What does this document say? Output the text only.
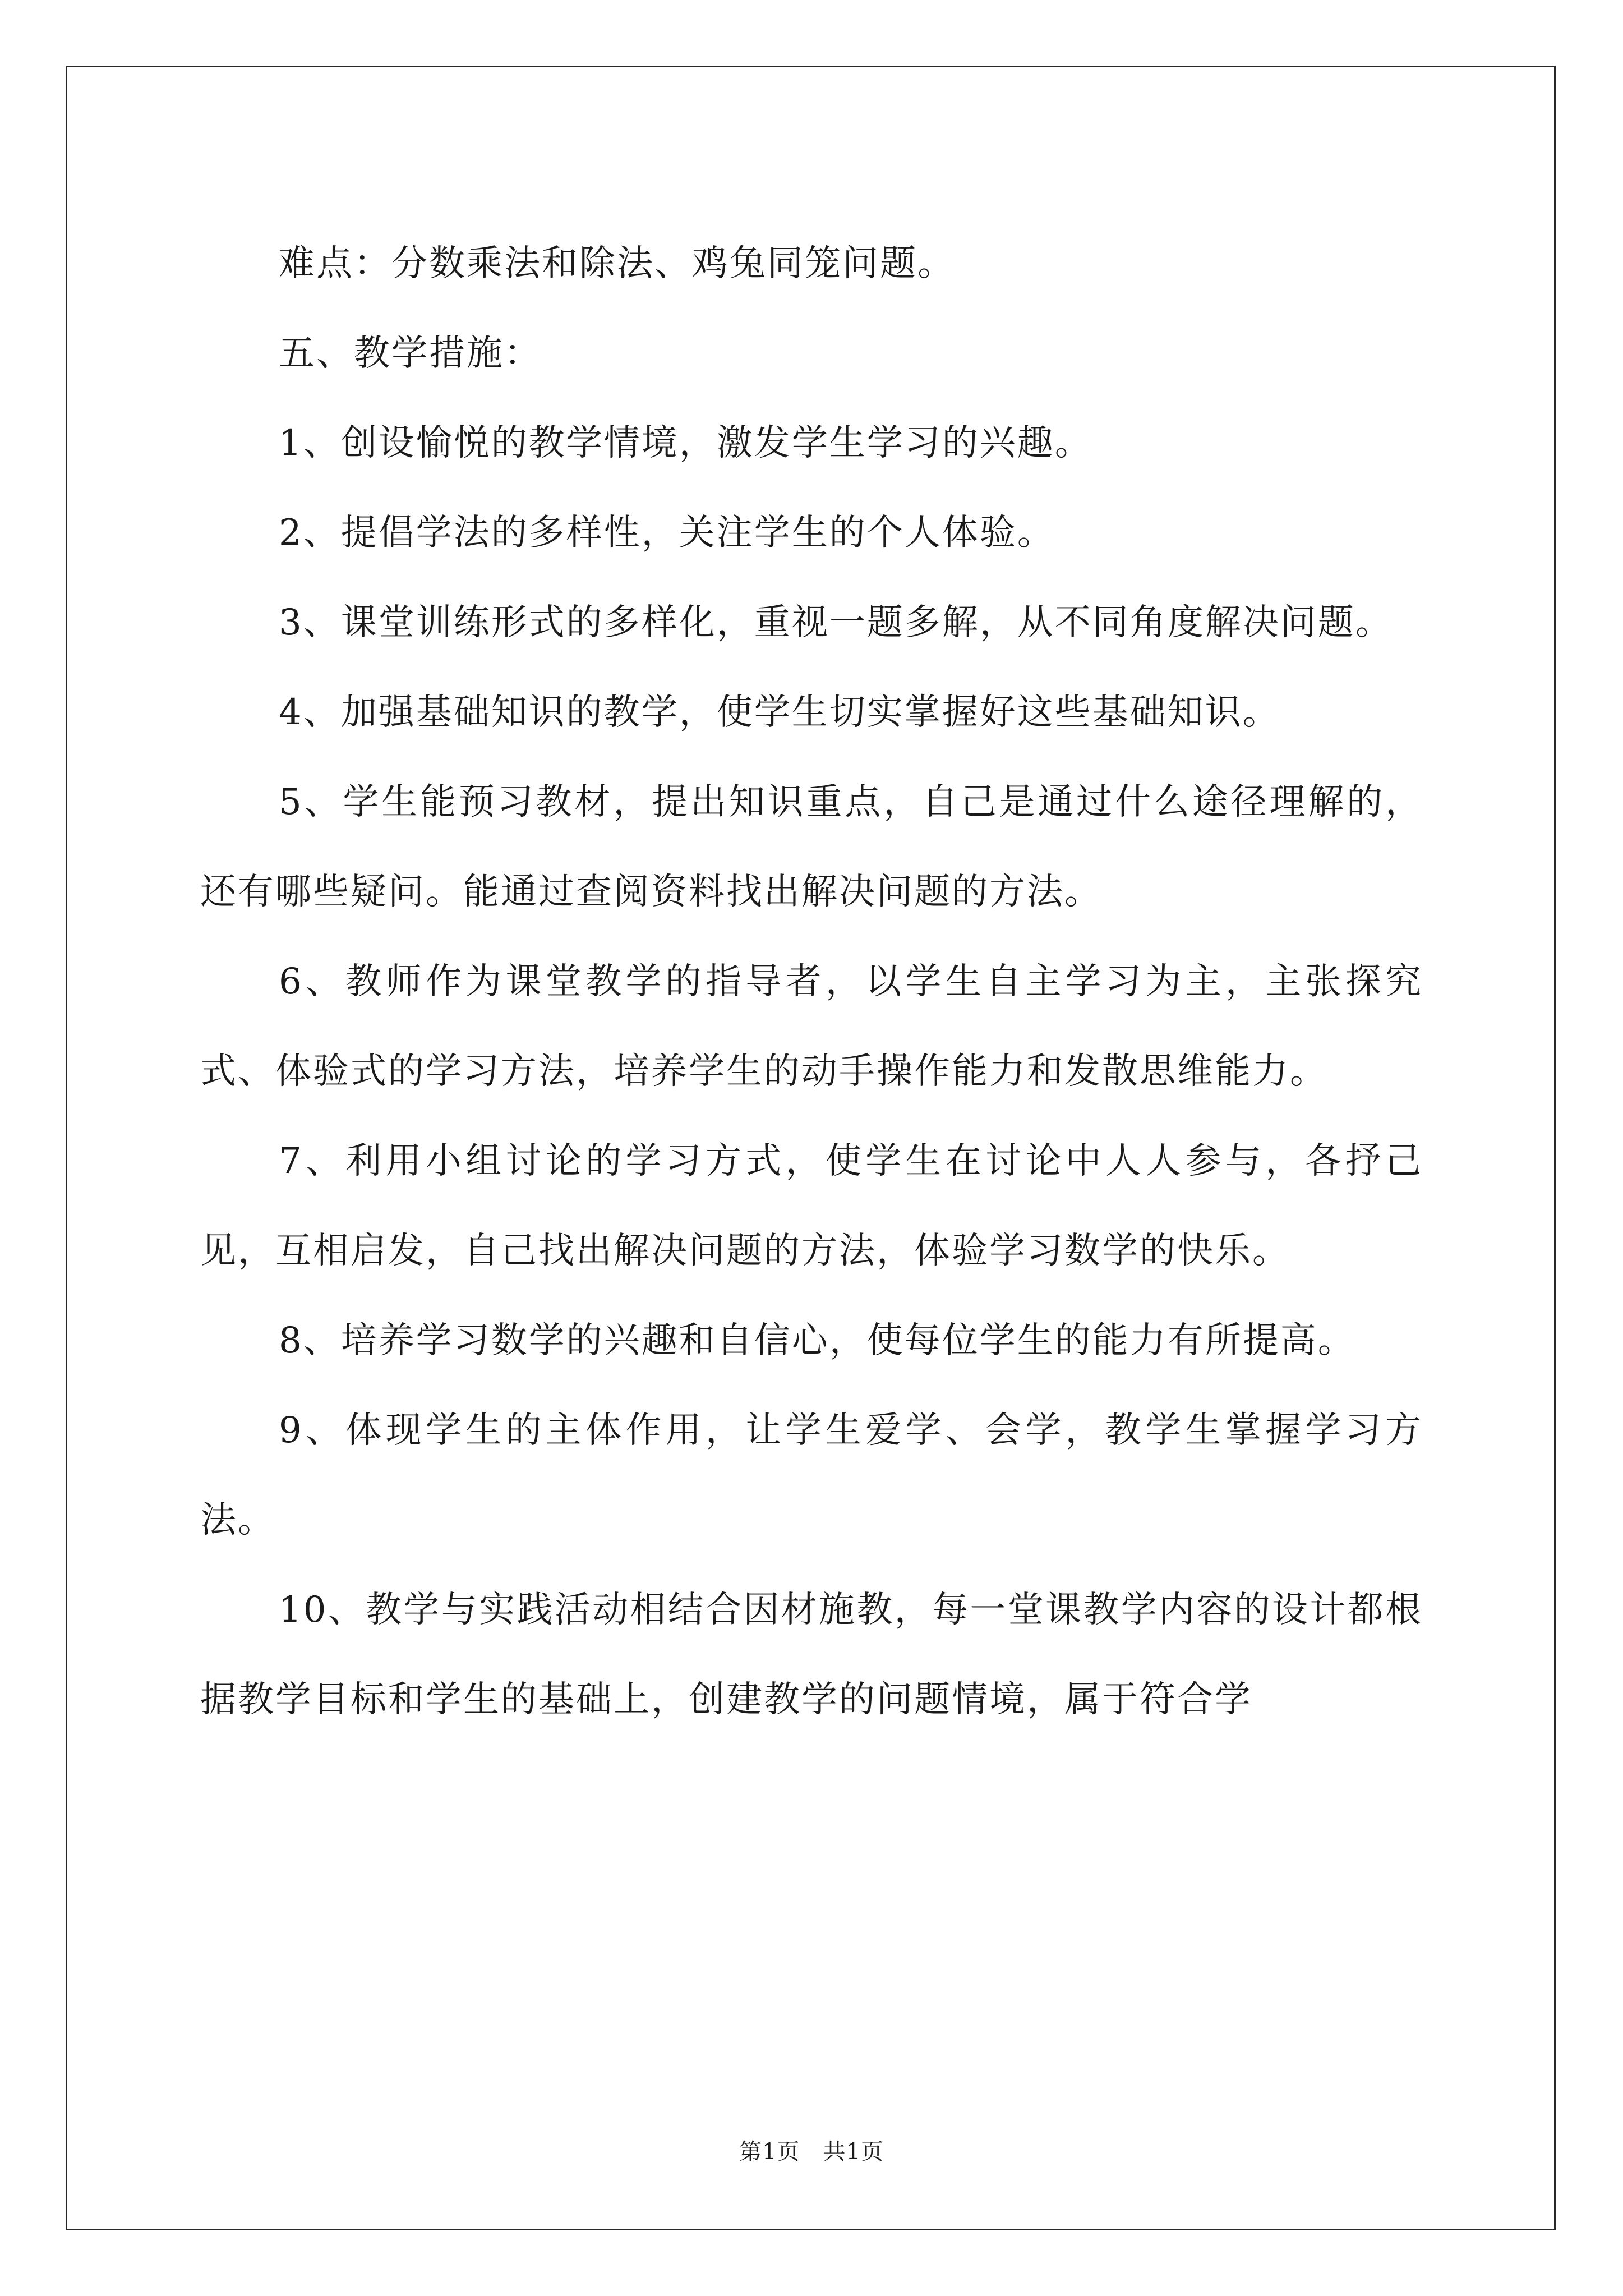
难点：分数乘法和除法、鸡兔同笼问题。

五、教学措施：

1、创设愉悦的教学情境，激发学生学习的兴趣。

2、提倡学法的多样性，关注学生的个人体验。

3、课堂训练形式的多样化，重视一题多解，从不同角度解决问题。

4、加强基础知识的教学，使学生切实掌握好这些基础知识。

5、学生能预习教材，提出知识重点，自己是通过什么途径理解的，还有哪些疑问。能通过查阅资料找出解决问题的方法。

6、教师作为课堂教学的指导者，以学生自主学习为主，主张探究式、体验式的学习方法，培养学生的动手操作能力和发散思维能力。

7、利用小组讨论的学习方式，使学生在讨论中人人参与，各抒己见，互相启发，自己找出解决问题的方法，体验学习数学的快乐。

8、培养学习数学的兴趣和自信心，使每位学生的能力有所提高。

9、体现学生的主体作用，让学生爱学、会学，教学生掌握学习方法。

10、教学与实践活动相结合因材施教，每一堂课教学内容的设计都根据教学目标和学生的基础上，创建教学的问题情境，属于符合学

第1页   共1页
